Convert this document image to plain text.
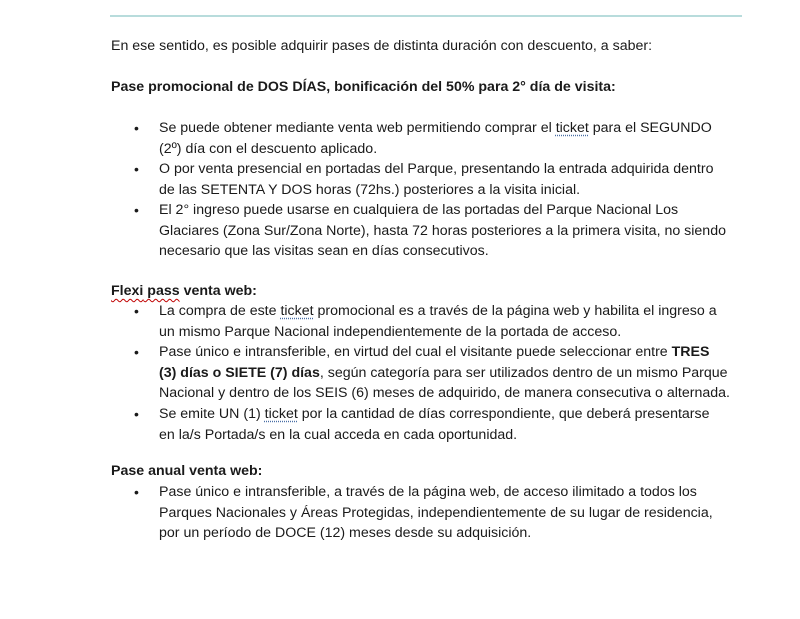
En ese sentido, es posible adquirir pases de distinta duración con descuento, a saber:
Pase promocional de DOS DÍAS, bonificación del 50% para 2° día de visita:
• Se puede obtener mediante venta web permitiendo comprar el ticket para el SEGUNDO
(2º) día con el descuento aplicado.
• O por venta presencial en portadas del Parque, presentando la entrada adquirida dentro
de las SETENTA Y DOS horas (72hs.) posteriores a la visita inicial.
• El 2° ingreso puede usarse en cualquiera de las portadas del Parque Nacional Los
Glaciares (Zona Sur/Zona Norte), hasta 72 horas posteriores a la primera visita, no siendo
necesario que las visitas sean en días consecutivos.
Flexi pass venta web:
• La compra de este ticket promocional es a través de la página web y habilita el ingreso a
un mismo Parque Nacional independientemente de la portada de acceso.
• Pase único e intransferible, en virtud del cual el visitante puede seleccionar entre TRES
(3) días o SIETE (7) días, según categoría para ser utilizados dentro de un mismo Parque
Nacional y dentro de los SEIS (6) meses de adquirido, de manera consecutiva o alternada.
• Se emite UN (1) ticket por la cantidad de días correspondiente, que deberá presentarse
en la/s Portada/s en la cual acceda en cada oportunidad.
Pase anual venta web:
• Pase único e intransferible, a través de la página web, de acceso ilimitado a todos los
Parques Nacionales y Áreas Protegidas, independientemente de su lugar de residencia,
por un período de DOCE (12) meses desde su adquisición.
